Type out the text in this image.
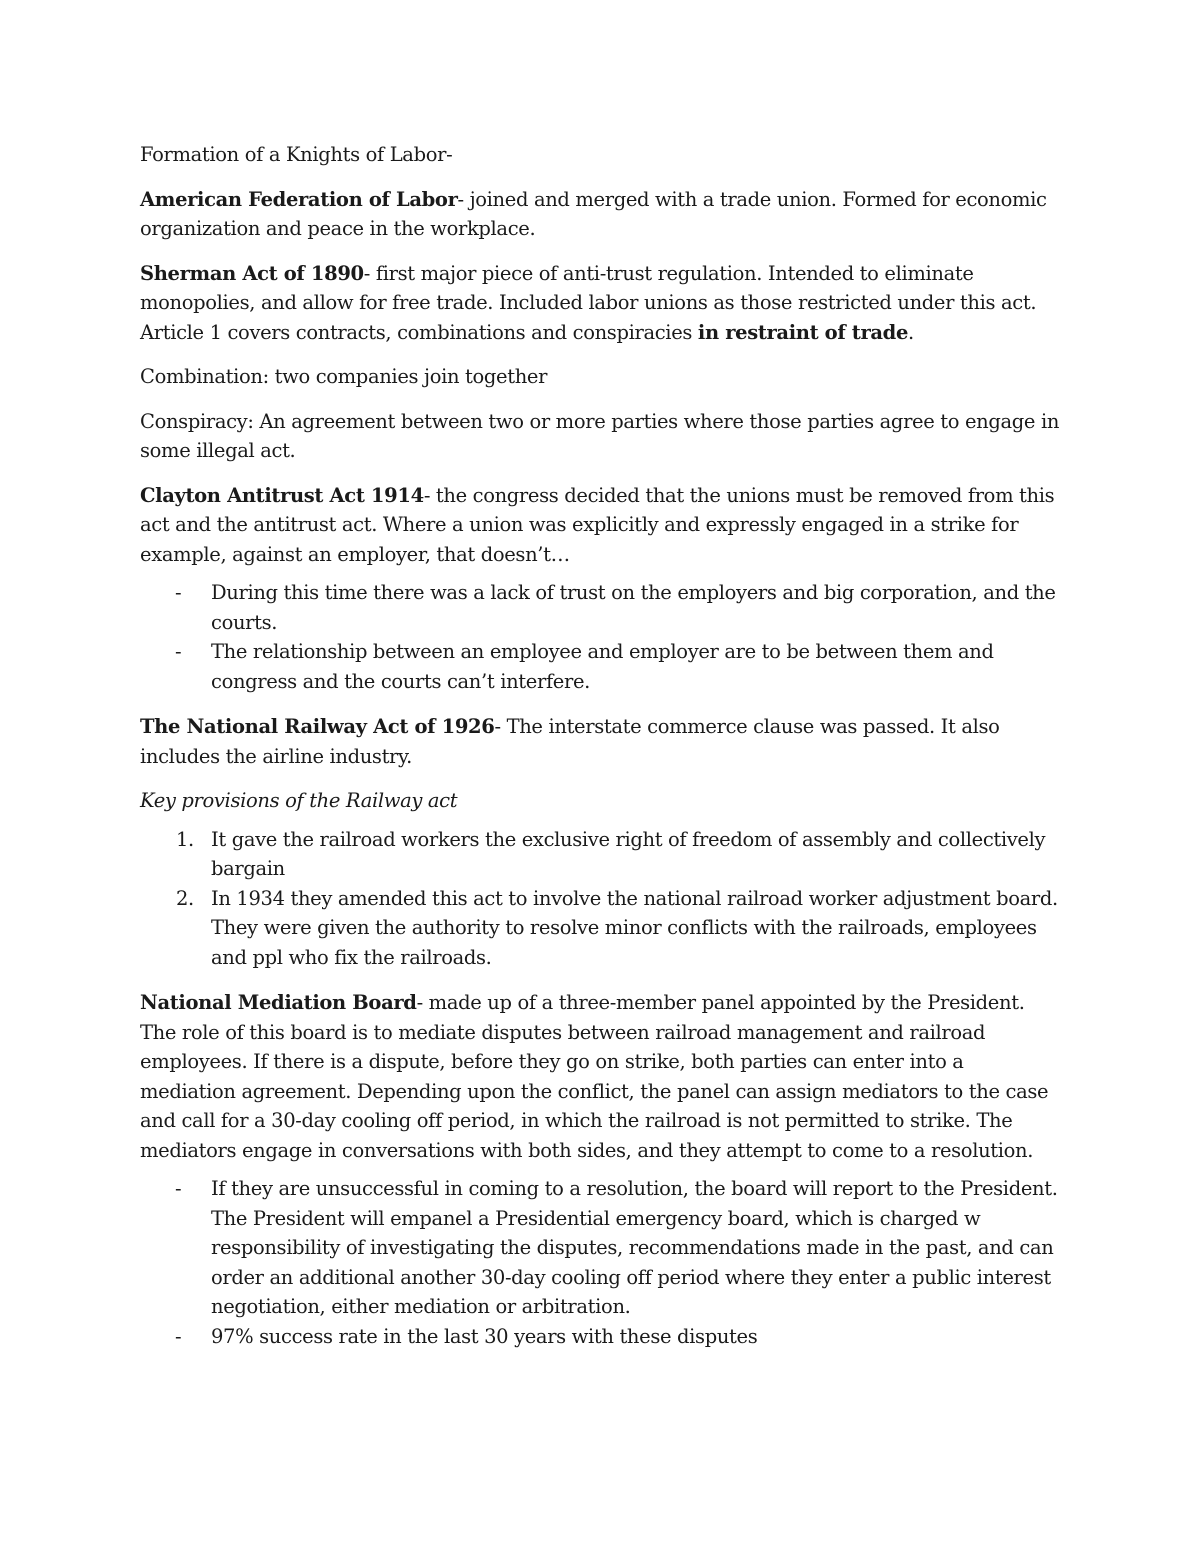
Formation of a Knights of Labor-

American Federation of Labor- joined and merged with a trade union. Formed for economic organization and peace in the workplace.

Sherman Act of 1890- first major piece of anti-trust regulation. Intended to eliminate monopolies, and allow for free trade. Included labor unions as those restricted under this act. Article 1 covers contracts, combinations and conspiracies in restraint of trade.

Combination: two companies join together

Conspiracy: An agreement between two or more parties where those parties agree to engage in some illegal act.

Clayton Antitrust Act 1914- the congress decided that the unions must be removed from this act and the antitrust act. Where a union was explicitly and expressly engaged in a strike for example, against an employer, that doesn’t…

- During this time there was a lack of trust on the employers and big corporation, and the courts.
- The relationship between an employee and employer are to be between them and congress and the courts can’t interfere.

The National Railway Act of 1926- The interstate commerce clause was passed. It also includes the airline industry.

Key provisions of the Railway act

1. It gave the railroad workers the exclusive right of freedom of assembly and collectively bargain
2. In 1934 they amended this act to involve the national railroad worker adjustment board. They were given the authority to resolve minor conflicts with the railroads, employees and ppl who fix the railroads.

National Mediation Board- made up of a three-member panel appointed by the President. The role of this board is to mediate disputes between railroad management and railroad employees. If there is a dispute, before they go on strike, both parties can enter into a mediation agreement. Depending upon the conflict, the panel can assign mediators to the case and call for a 30-day cooling off period, in which the railroad is not permitted to strike. The mediators engage in conversations with both sides, and they attempt to come to a resolution.

- If they are unsuccessful in coming to a resolution, the board will report to the President. The President will empanel a Presidential emergency board, which is charged w responsibility of investigating the disputes, recommendations made in the past, and can order an additional another 30-day cooling off period where they enter a public interest negotiation, either mediation or arbitration.
- 97% success rate in the last 30 years with these disputes
